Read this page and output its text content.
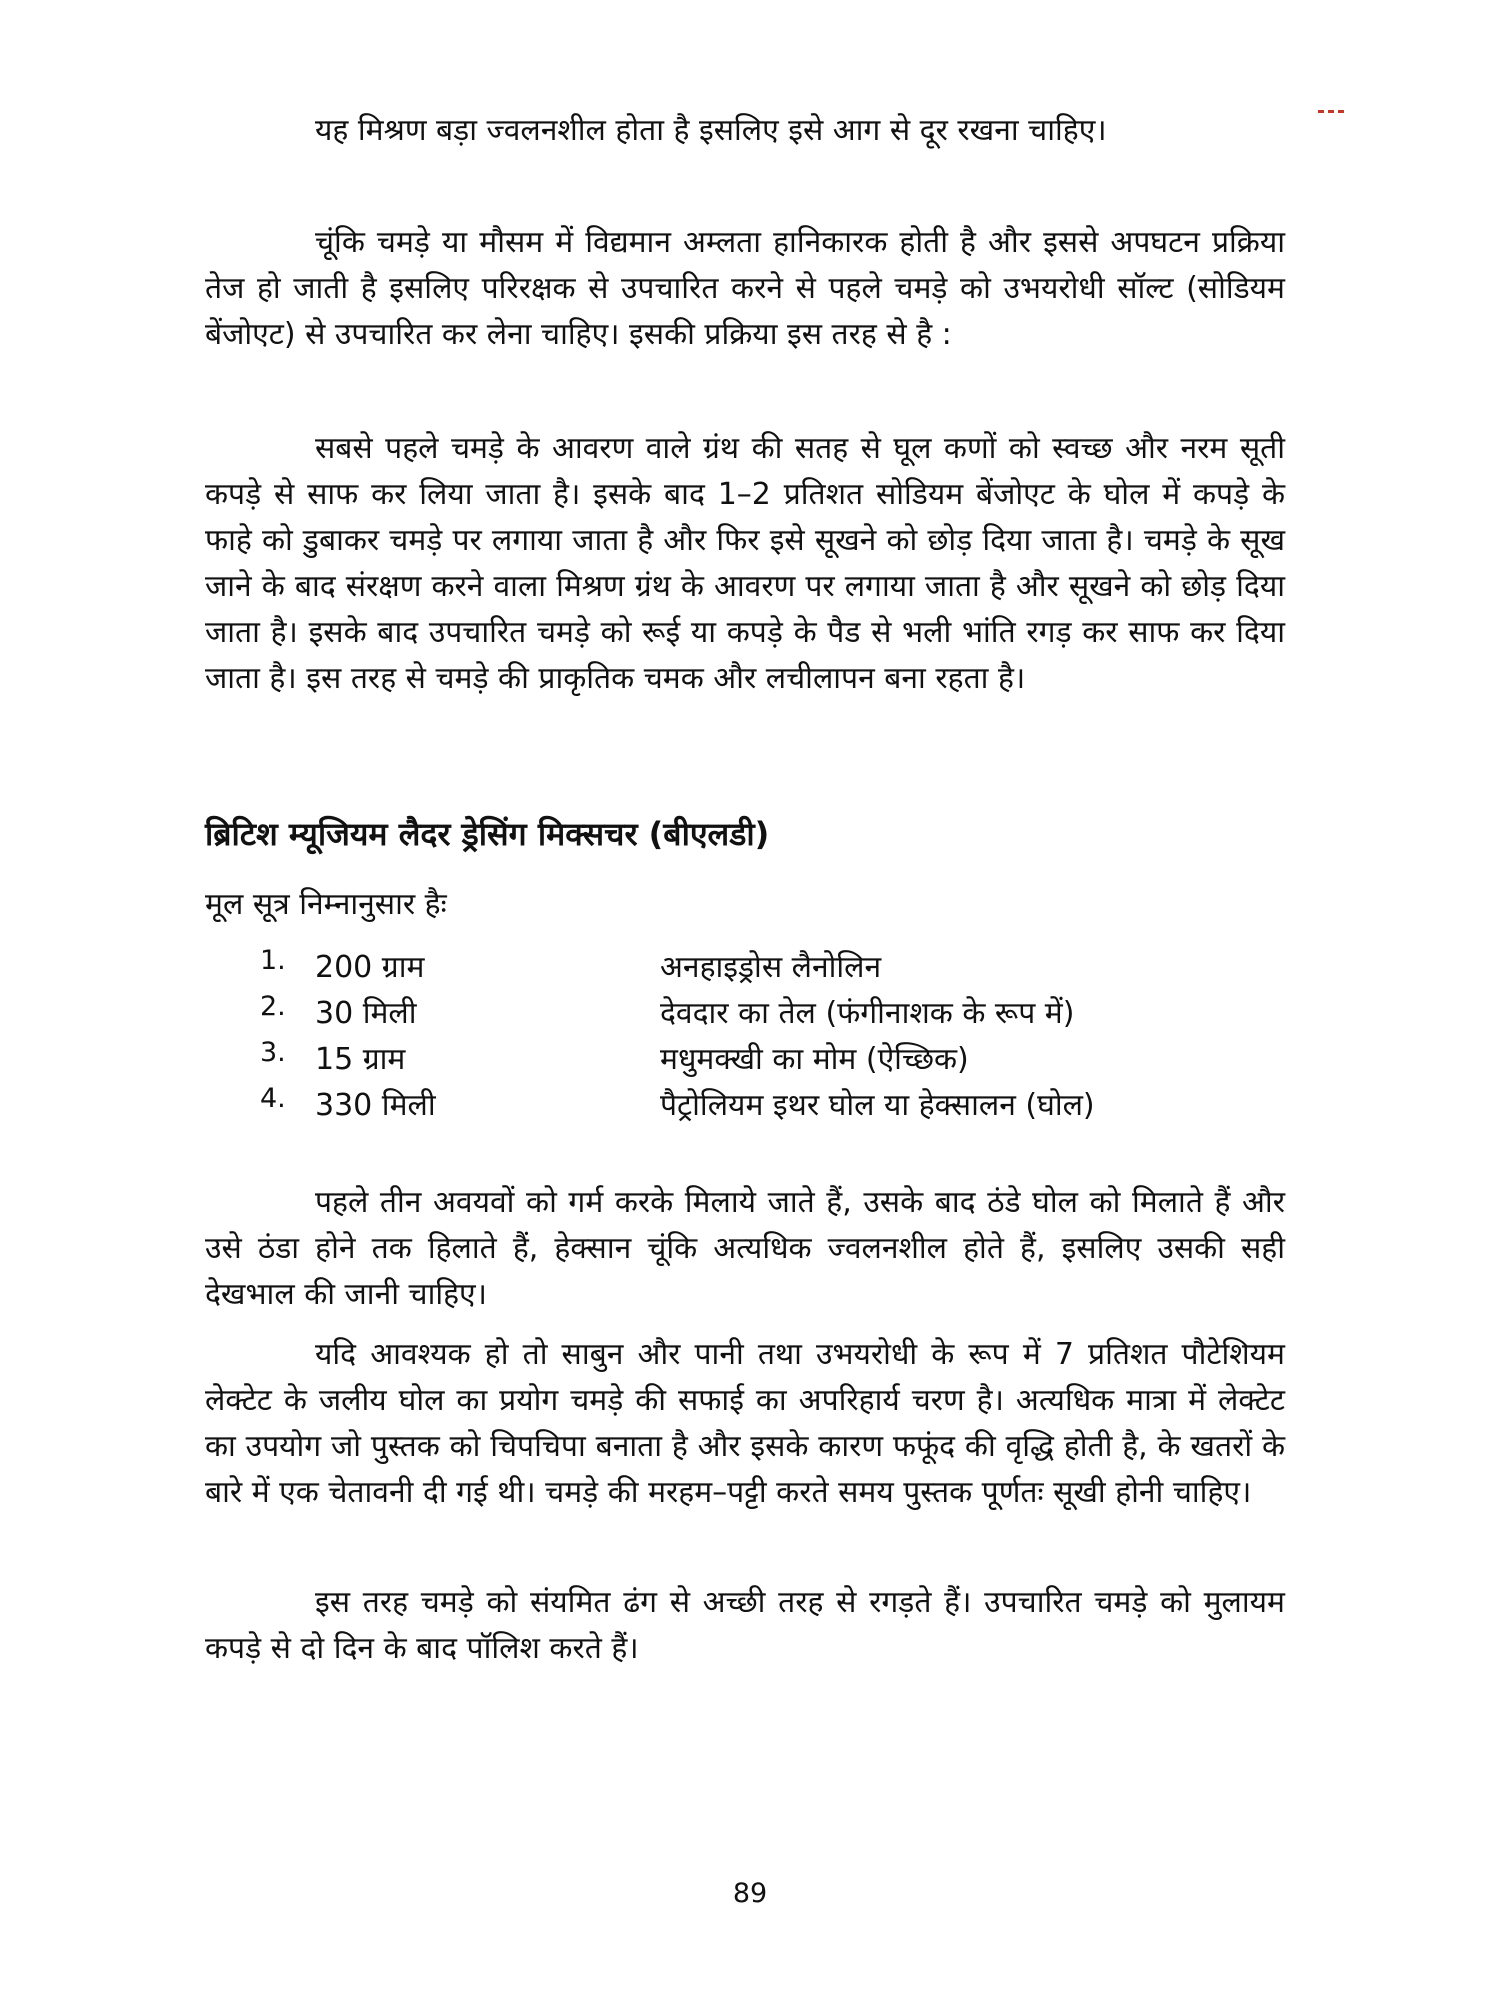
यह मिश्रण बड़ा ज्वलनशील होता है इसलिए इसे आग से दूर रखना चाहिए।

चूंकि चमड़े या मौसम में विद्यमान अम्लता हानिकारक होती है और इससे अपघटन प्रक्रिया तेज हो जाती है इसलिए परिरक्षक से उपचारित करने से पहले चमड़े को उभयरोधी सॉल्ट (सोडियम बेंजोएट) से उपचारित कर लेना चाहिए। इसकी प्रक्रिया इस तरह से है :

सबसे पहले चमड़े के आवरण वाले ग्रंथ की सतह से घूल कणों को स्वच्छ और नरम सूती कपड़े से साफ कर लिया जाता है। इसके बाद 1–2 प्रतिशत सोडियम बेंजोएट के घोल में कपड़े के फाहे को डुबाकर चमड़े पर लगाया जाता है और फिर इसे सूखने को छोड़ दिया जाता है। चमड़े के सूख जाने के बाद संरक्षण करने वाला मिश्रण ग्रंथ के आवरण पर लगाया जाता है और सूखने को छोड़ दिया जाता है। इसके बाद उपचारित चमड़े को रूई या कपड़े के पैड से भली भांति रगड़ कर साफ कर दिया जाता है। इस तरह से चमड़े की प्राकृतिक चमक और लचीलापन बना रहता है।

ब्रिटिश म्यूजियम लैदर ड्रेसिंग मिक्सचर (बीएलडी)

मूल सूत्र निम्नानुसार हैः

1. 200 ग्राम	अनहाइड्रोस लैनोलिन
2. 30 मिली	देवदार का तेल (फंगीनाशक के रूप में)
3. 15 ग्राम	मधुमक्खी का मोम (ऐच्छिक)
4. 330 मिली	पैट्रोलियम इथर घोल या हेक्सालन (घोल)

पहले तीन अवयवों को गर्म करके मिलाये जाते हैं, उसके बाद ठंडे घोल को मिलाते हैं और उसे ठंडा होने तक हिलाते हैं, हेक्सान चूंकि अत्यधिक ज्वलनशील होते हैं, इसलिए उसकी सही देखभाल की जानी चाहिए।

यदि आवश्यक हो तो साबुन और पानी तथा उभयरोधी के रूप में 7 प्रतिशत पौटेशियम लेक्टेट के जलीय घोल का प्रयोग चमड़े की सफाई का अपरिहार्य चरण है। अत्यधिक मात्रा में लेक्टेट का उपयोग जो पुस्तक को चिपचिपा बनाता है और इसके कारण फफूंद की वृद्धि होती है, के खतरों के बारे में एक चेतावनी दी गई थी। चमड़े की मरहम–पट्टी करते समय पुस्तक पूर्णतः सूखी होनी चाहिए।

इस तरह चमड़े को संयमित ढंग से अच्छी तरह से रगड़ते हैं। उपचारित चमड़े को मुलायम कपड़े से दो दिन के बाद पॉलिश करते हैं।

89
